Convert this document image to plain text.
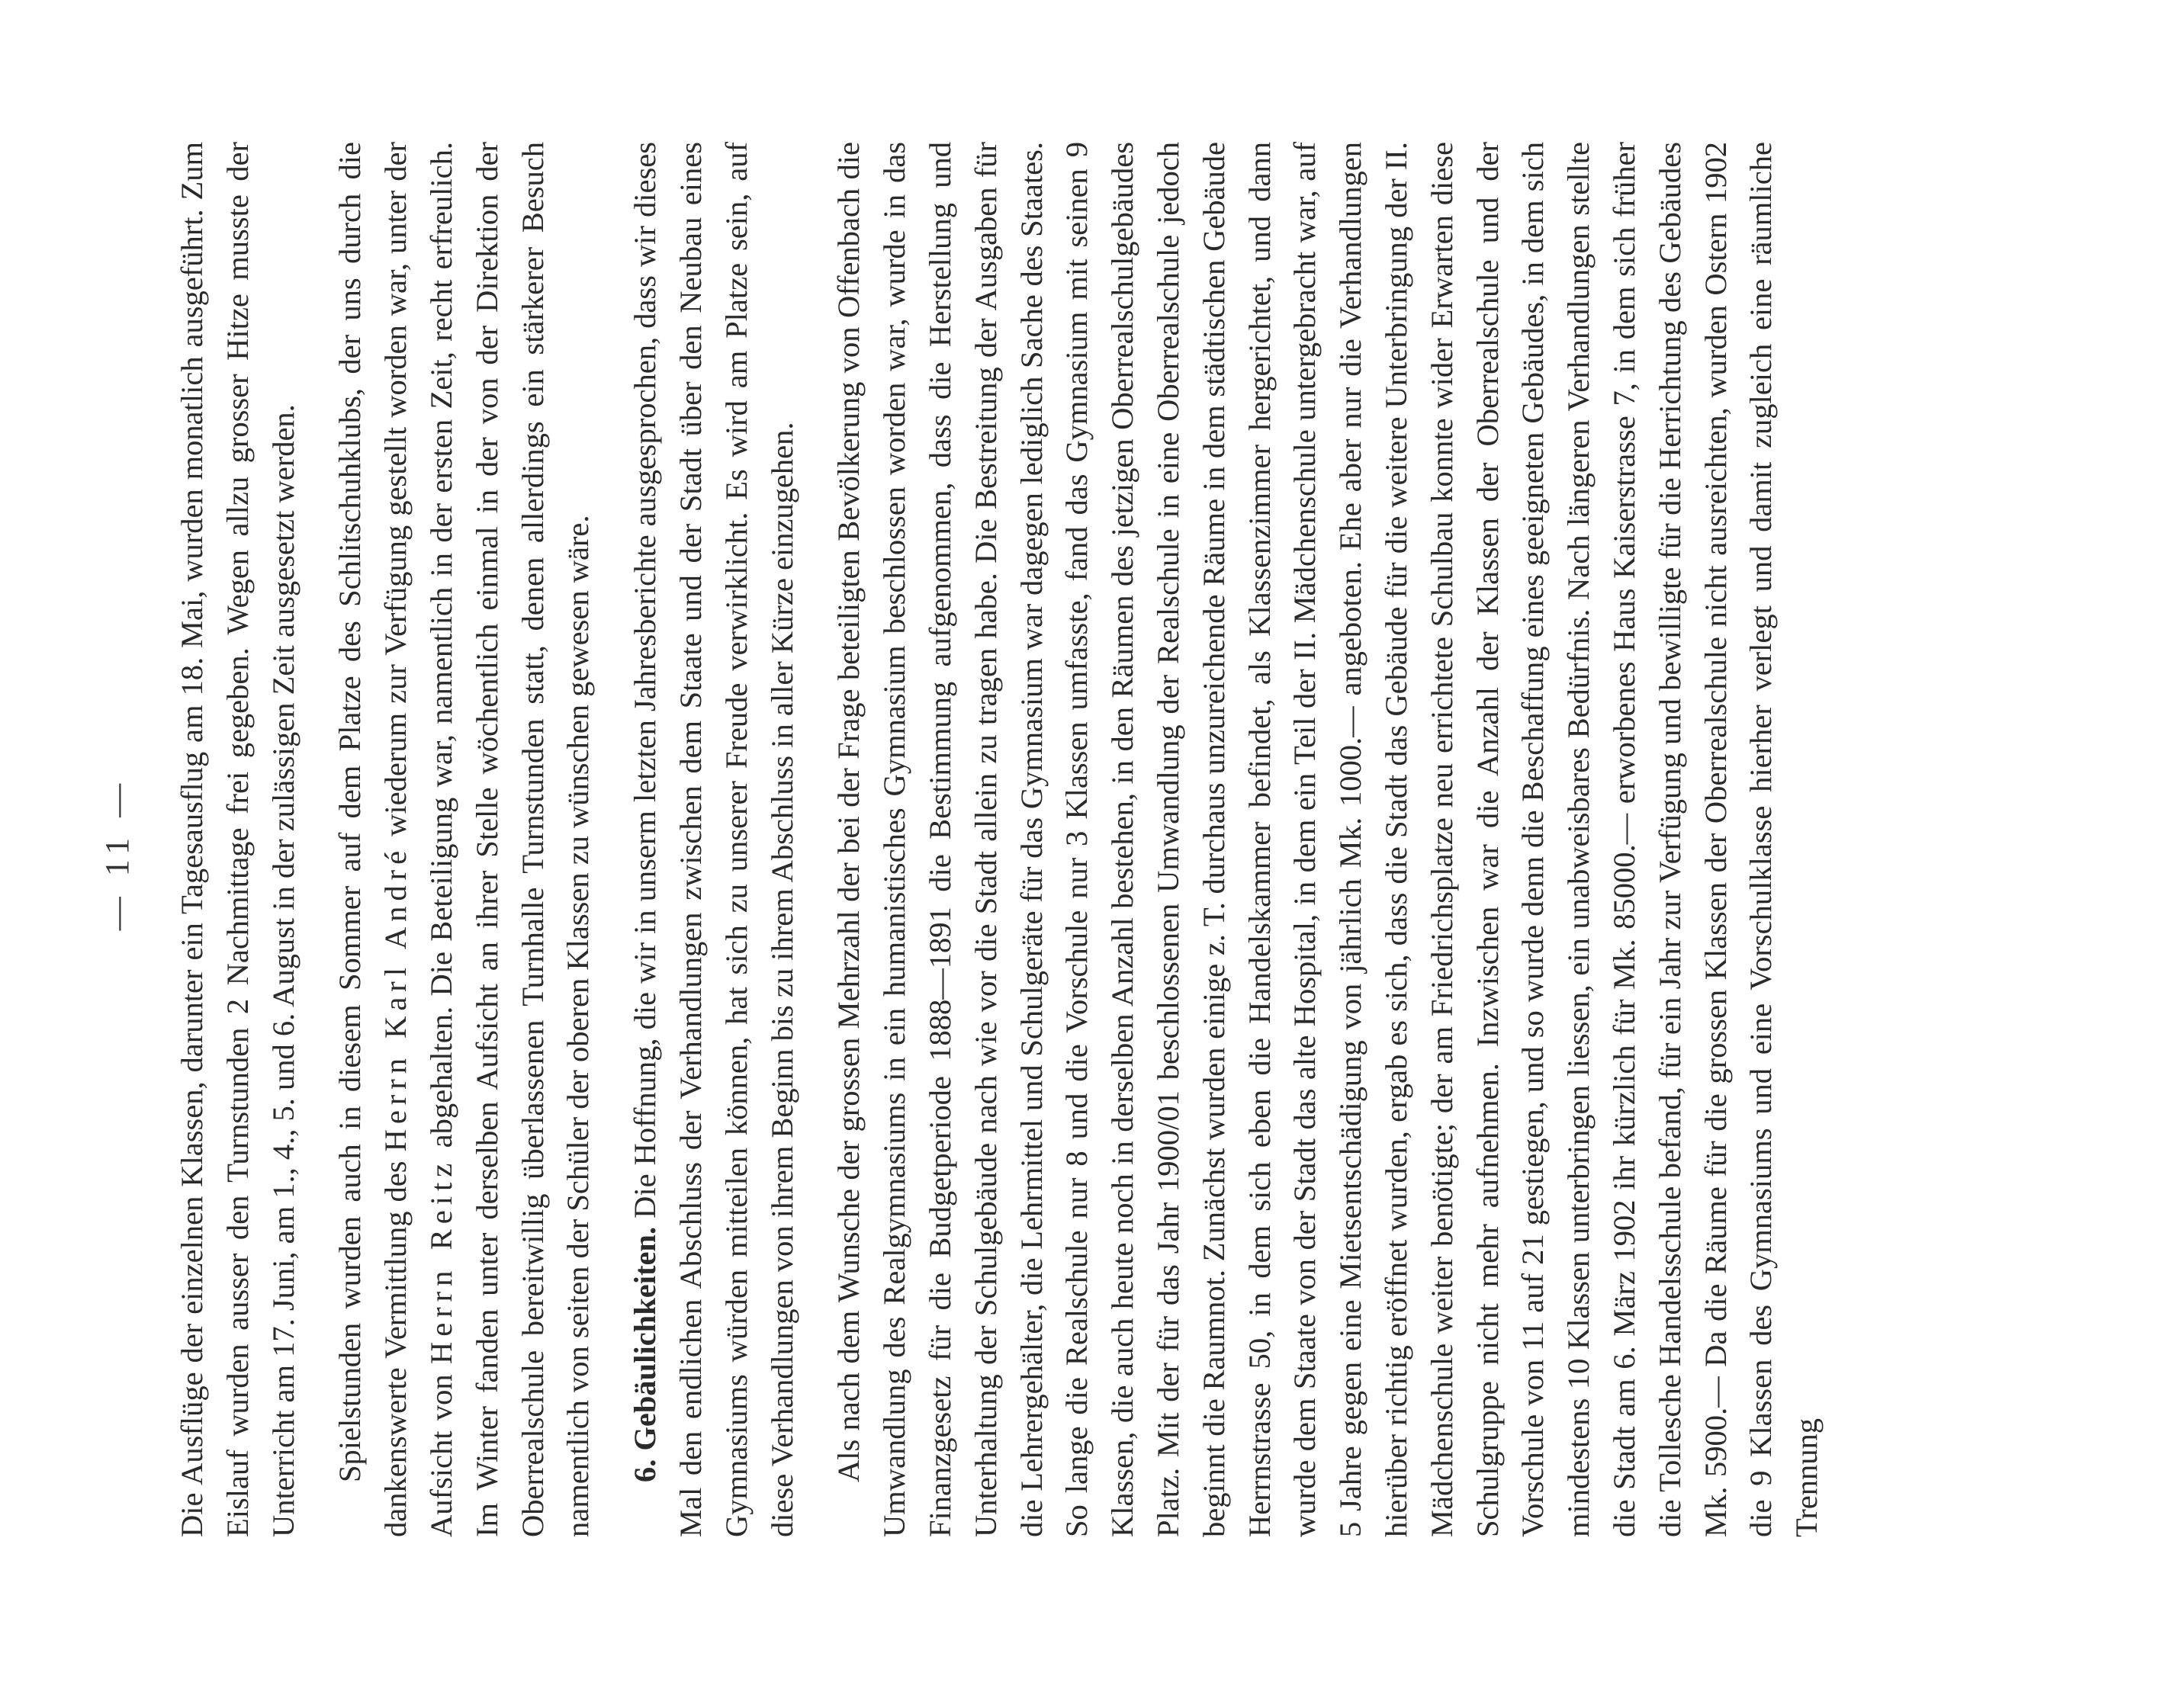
— 11 — Die Ausflüge der einzelnen Klassen, darunter ein Tagesausflug am 18. Mai, wurden monatlich ausgeführt. Zum Eislauf wurden ausser den Turnstunden 2 Nachmittage frei gegeben. Wegen allzu grosser Hitze musste der Unterricht am 17. Juni, am 1., 4., 5. und 6. August in der zulässigen Zeit ausgesetzt werden. Spielstunden wurden auch in diesem Sommer auf dem Platze des Schlitschuhklubs, der uns durch die dankenswerte Vermittlung des Herrn Karl André wiederum zur Verfügung gestellt worden war, unter der Aufsicht von Herrn Reitz abgehalten. Die Beteiligung war, namentlich in der ersten Zeit, recht erfreulich. Im Winter fanden unter derselben Aufsicht an ihrer Stelle wöchentlich einmal in der von der Direktion der Oberrealschule bereitwillig überlassenen Turnhalle Turnstunden statt, denen allerdings ein stärkerer Besuch namentlich von seiten der Schüler der oberen Klassen zu wünschen gewesen wäre. 6. Gebäulichkeiten. Die Hoffnung, die wir in unserm letzten Jahresberichte ausgesprochen, dass wir dieses Mal den endlichen Abschluss der Verhandlungen zwischen dem Staate und der Stadt über den Neubau eines Gymnasiums würden mitteilen können, hat sich zu unserer Freude verwirklicht. Es wird am Platze sein, auf diese Verhandlungen von ihrem Beginn bis zu ihrem Abschluss in aller Kürze einzugehen. Als nach dem Wunsche der grossen Mehrzahl der bei der Frage beteiligten Bevölkerung von Offenbach die Umwandlung des Realgymnasiums in ein humanistisches Gymnasium beschlossen worden war, wurde in das Finanzgesetz für die Budgetperiode 1888—1891 die Bestimmung aufgenommen, dass die Herstellung und Unterhaltung der Schulgebäude nach wie vor die Stadt allein zu tragen habe. Die Bestreitung der Ausgaben für die Lehrergehälter, die Lehrmittel und Schulgeräte für das Gymnasium war dagegen lediglich Sache des Staates. So lange die Realschule nur 8 und die Vorschule nur 3 Klassen umfasste, fand das Gymnasium mit seinen 9 Klassen, die auch heute noch in derselben Anzahl bestehen, in den Räumen des jetzigen Oberrealschulgebäudes Platz. Mit der für das Jahr 1900/01 beschlossenen Umwandlung der Realschule in eine Oberrealschule jedoch beginnt die Raumnot. Zunächst wurden einige z. T. durchaus unzureichende Räume in dem städtischen Gebäude Herrnstrasse 50, in dem sich eben die Handelskammer befindet, als Klassenzimmer hergerichtet, und dann wurde dem Staate von der Stadt das alte Hospital, in dem ein Teil der II. Mädchenschule untergebracht war, auf 5 Jahre gegen eine Mietsentschädigung von jährlich Mk. 1000.— angeboten. Ehe aber nur die Verhandlungen hierüber richtig eröffnet wurden, ergab es sich, dass die Stadt das Gebäude für die weitere Unterbringung der II. Mädchenschule weiter benötigte; der am Friedrichsplatze neu errichtete Schulbau konnte wider Erwarten diese Schulgruppe nicht mehr aufnehmen. Inzwischen war die Anzahl der Klassen der Oberrealschule und der Vorschule von 11 auf 21 gestiegen, und so wurde denn die Beschaffung eines geeigneten Gebäudes, in dem sich mindestens 10 Klassen unterbringen liessen, ein unabweisbares Bedürfnis. Nach längeren Verhandlungen stellte die Stadt am 6. März 1902 ihr kürzlich für Mk. 85000.— erworbenes Haus Kaiserstrasse 7, in dem sich früher die Tollesche Handelsschule befand, für ein Jahr zur Verfügung und bewilligte für die Herrichtung des Gebäudes Mk. 5900.— Da die Räume für die grossen Klassen der Oberrealschule nicht ausreichten, wurden Ostern 1902 die 9 Klassen des Gymnasiums und eine Vorschulklasse hierher verlegt und damit zugleich eine räumliche Trennung
